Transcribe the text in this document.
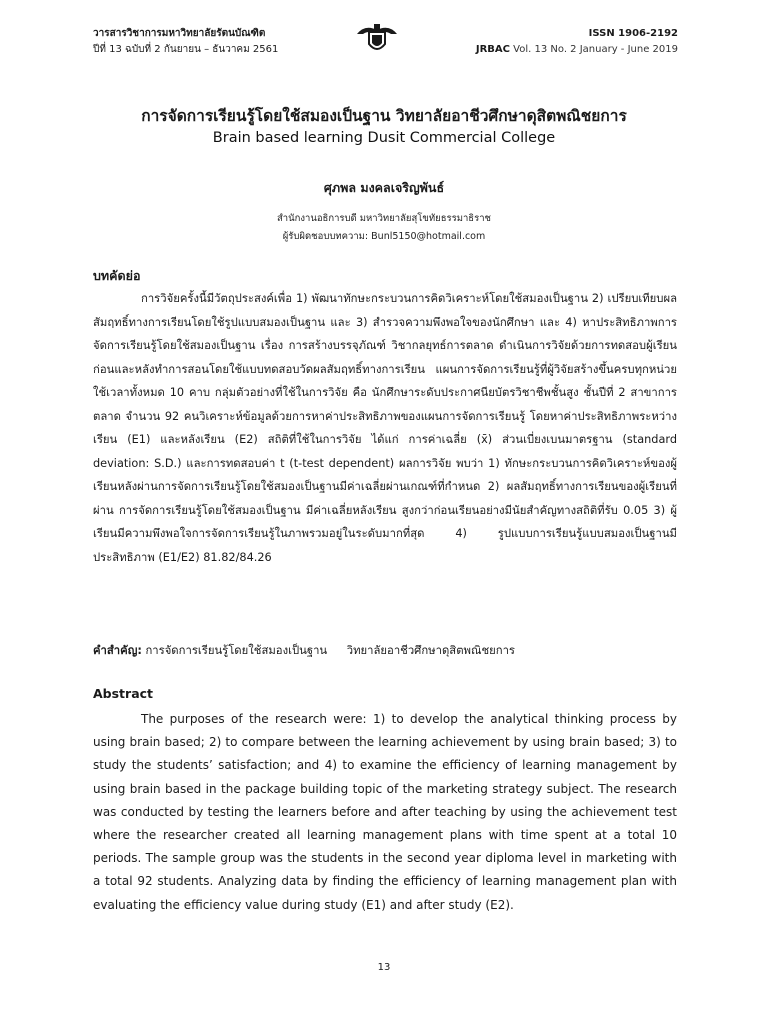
วารสารวิชาการมหาวิทยาลัยรัตนบัณฑิต
ปีที่ 13 ฉบับที่ 2 กันยายน – ธันวาคม 2561
ISSN 1906-2192
JRBAC Vol. 13 No. 2 January - June 2019
การจัดการเรียนรู้โดยใช้สมองเป็นฐาน วิทยาลัยอาชีวศึกษาดุสิตพณิชยการ
Brain based learning Dusit Commercial College
ศุภพล มงคลเจริญพันธ์
สำนักงานอธิการบดี มหาวิทยาลัยสุโขทัยธรรมาธิราช
ผู้รับผิดชอบบทความ: Bunl5150@hotmail.com
บทคัดย่อ

การวิจัยครั้งนี้มีวัตถุประสงค์เพื่อ 1) พัฒนาทักษะกระบวนการคิดวิเคราะห์โดยใช้สมองเป็นฐาน 2) เปรียบเทียบผลสัมฤทธิ์ทางการเรียนโดยใช้รูปแบบสมองเป็นฐาน และ 3) สำรวจความพึงพอใจของนักศึกษา และ 4) หาประสิทธิภาพการจัดการเรียนรู้โดยใช้สมองเป็นฐาน เรื่อง การสร้างบรรจุภัณฑ์ วิชากลยุทธ์การตลาด ดำเนินการวิจัยด้วยการทดสอบผู้เรียนก่อนและหลังทำการสอนโดยใช้แบบทดสอบวัดผลสัมฤทธิ์ทางการเรียน แผนการจัดการเรียนรู้ที่ผู้วิจัยสร้างขึ้นครบทุกหน่วย ใช้เวลาทั้งหมด 10 คาบ กลุ่มตัวอย่างที่ใช้ในการวิจัย คือ นักศึกษาระดับประกาศนียบัตรวิชาชีพชั้นสูง ชั้นปีที่ 2 สาขาการตลาด จำนวน 92 คนวิเคราะห์ข้อมูลด้วยการหาค่าประสิทธิภาพของแผนการจัดการเรียนรู้ โดยหาค่าประสิทธิภาพระหว่างเรียน (E1) และหลังเรียน (E2) สถิติที่ใช้ในการวิจัย ได้แก่ การค่าเฉลี่ย (x̄) ส่วนเบี่ยงเบนมาตรฐาน (standard deviation: S.D.) และการทดสอบค่า t (t-test dependent) ผลการวิจัย พบว่า 1) ทักษะกระบวนการคิดวิเคราะห์ของผู้เรียนหลังผ่านการจัดการเรียนรู้โดยใช้สมองเป็นฐานมีค่าเฉลี่ยผ่านเกณฑ์ที่กำหนด 2) ผลสัมฤทธิ์ทางการเรียนของผู้เรียนที่ผ่าน การจัดการเรียนรู้โดยใช้สมองเป็นฐาน มีค่าเฉลี่ยหลังเรียน สูงกว่าก่อนเรียนอย่างมีนัยสำคัญทางสถิติที่รับ 0.05 3) ผู้เรียนมีความพึงพอใจการจัดการเรียนรู้ในภาพรวมอยู่ในระดับมากที่สุด 4) รูปแบบการเรียนรู้แบบสมองเป็นฐานมีประสิทธิภาพ (E1/E2) 81.82/84.26

คำสำคัญ: การจัดการเรียนรู้โดยใช้สมองเป็นฐาน วิทยาลัยอาชีวศึกษาดุสิตพณิชยการ
Abstract

The purposes of the research were: 1) to develop the analytical thinking process by using brain based; 2) to compare between the learning achievement by using brain based; 3) to study the students’ satisfaction; and 4) to examine the efficiency of learning management by using brain based in the package building topic of the marketing strategy subject. The research was conducted by testing the learners before and after teaching by using the achievement test where the researcher created all learning management plans with time spent at a total 10 periods. The sample group was the students in the second year diploma level in marketing with a total 92 students. Analyzing data by finding the efficiency of learning management plan with evaluating the efficiency value during study (E1) and after study (E2).

13
